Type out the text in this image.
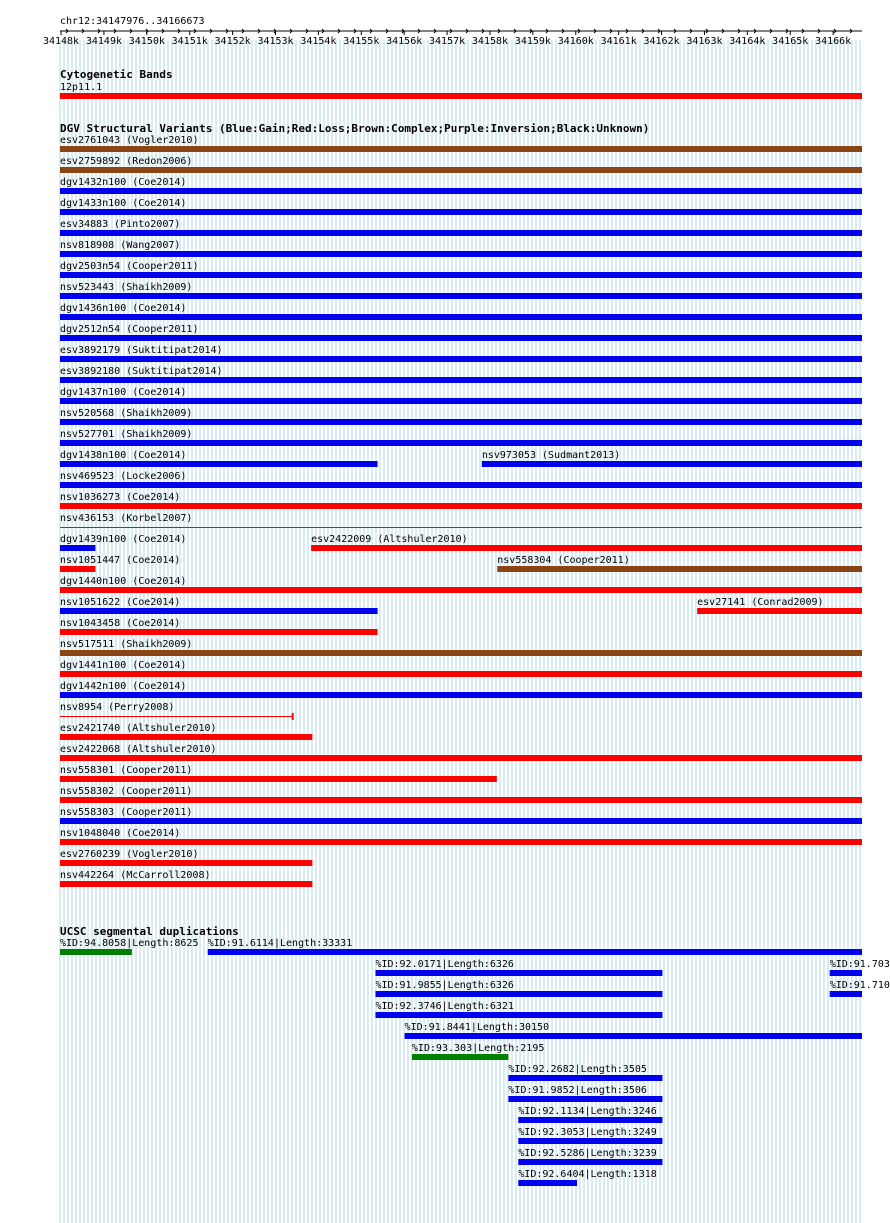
chr12:34147976..34166673
34148k 34149k 34150k 34151k 34152k 34153k 34154k 34155k 34156k 34157k 34158k 34159k 34160k 34161k 34162k 34163k 34164k 34165k 34166k
Cytogenetic Bands
12p11.1
DGV Structural Variants (Blue:Gain;Red:Loss;Brown:Complex;Purple:Inversion;Black:Unknown)
esv2761043 (Vogler2010)
esv2759892 (Redon2006)
dgv1432n100 (Coe2014)
dgv1433n100 (Coe2014)
esv34883 (Pinto2007)
nsv818908 (Wang2007)
dgv2503n54 (Cooper2011)
nsv523443 (Shaikh2009)
dgv1436n100 (Coe2014)
dgv2512n54 (Cooper2011)
esv3892179 (Suktitipat2014)
esv3892180 (Suktitipat2014)
dgv1437n100 (Coe2014)
nsv520568 (Shaikh2009)
nsv527701 (Shaikh2009)
dgv1438n100 (Coe2014)	nsv973053 (Sudmant2013)
nsv469523 (Locke2006)
nsv1036273 (Coe2014)
nsv436153 (Korbel2007)
dgv1439n100 (Coe2014)	esv2422009 (Altshuler2010)
nsv1051447 (Coe2014)	nsv558304 (Cooper2011)
dgv1440n100 (Coe2014)
nsv1051622 (Coe2014)	esv27141 (Conrad2009)
nsv1043458 (Coe2014)
nsv517511 (Shaikh2009)
dgv1441n100 (Coe2014)
dgv1442n100 (Coe2014)
nsv8954 (Perry2008)
esv2421740 (Altshuler2010)
esv2422068 (Altshuler2010)
nsv558301 (Cooper2011)
nsv558302 (Cooper2011)
nsv558303 (Cooper2011)
nsv1048040 (Coe2014)
esv2760239 (Vogler2010)
nsv442264 (McCarroll2008)
UCSC segmental duplications
%ID:94.8058|Length:8625 %ID:91.6114|Length:33331
%ID:92.0171|Length:6326	%ID:91.703
%ID:91.9855|Length:6326	%ID:91.710
%ID:92.3746|Length:6321
%ID:91.8441|Length:30150
%ID:93.303|Length:2195
%ID:92.2682|Length:3505
%ID:91.9852|Length:3506
%ID:92.1134|Length:3246
%ID:92.3053|Length:3249
%ID:92.5286|Length:3239
%ID:92.6404|Length:1318
